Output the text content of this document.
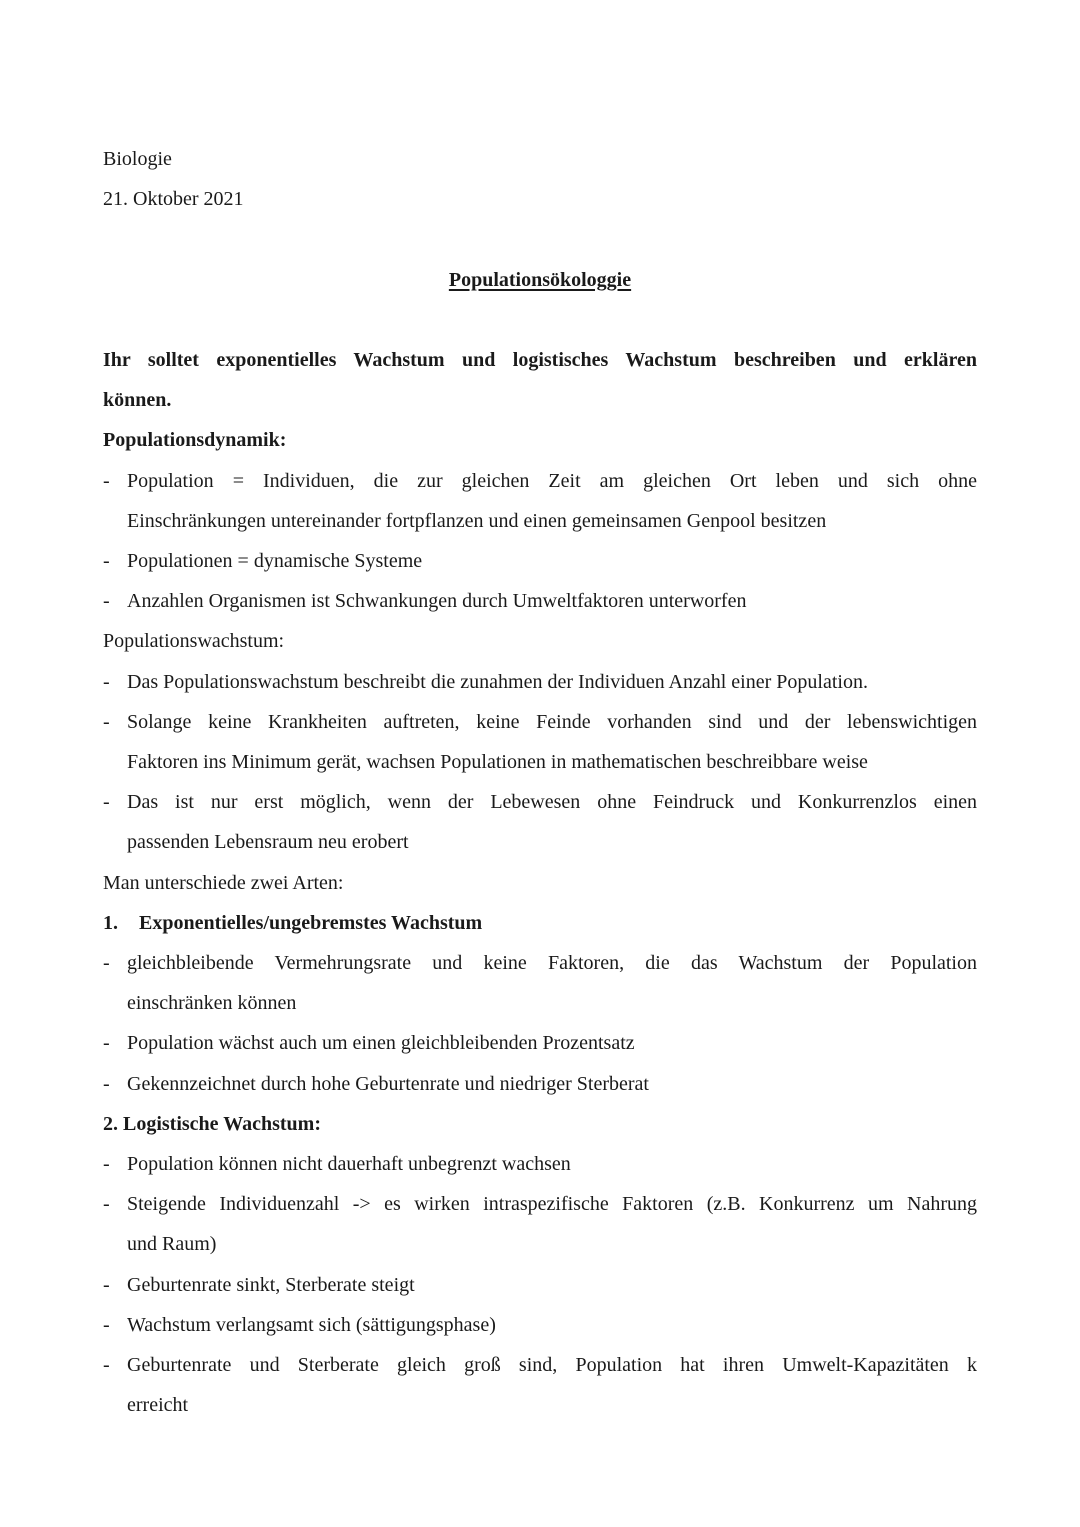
Biologie

21. Oktober 2021

Populationsökologgie

Ihr solltet exponentielles Wachstum und logistisches Wachstum beschreiben und erklären

können.

Populationsdynamik:

- Population = Individuen, die zur gleichen Zeit am gleichen Ort leben und sich ohne
Einschränkungen untereinander fortpflanzen und einen gemeinsamen Genpool besitzen
- Populationen = dynamische Systeme
- Anzahlen Organismen ist Schwankungen durch Umweltfaktoren unterworfen

Populationswachstum:

- Das Populationswachstum beschreibt die zunahmen der Individuen Anzahl einer Population.
- Solange keine Krankheiten auftreten, keine Feinde vorhanden sind und der lebenswichtigen
Faktoren ins Minimum gerät, wachsen Populationen in mathematischen beschreibbare weise
- Das ist nur erst möglich, wenn der Lebewesen ohne Feindruck und Konkurrenzlos einen
passenden Lebensraum neu erobert

Man unterschiede zwei Arten:

1. Exponentielles/ungebremstes Wachstum

- gleichbleibende Vermehrungsrate und keine Faktoren, die das Wachstum der Population
einschränken können
- Population wächst auch um einen gleichbleibenden Prozentsatz
- Gekennzeichnet durch hohe Geburtenrate und niedriger Sterberat

2. Logistische Wachstum:

- Population können nicht dauerhaft unbegrenzt wachsen
- Steigende Individuenzahl -> es wirken intraspezifische Faktoren (z.B. Konkurrenz um Nahrung
und Raum)
- Geburtenrate sinkt, Sterberate steigt
- Wachstum verlangsamt sich (sättigungsphase)
- Geburtenrate und Sterberate gleich groß sind, Population hat ihren Umwelt-Kapazitäten k
erreicht
